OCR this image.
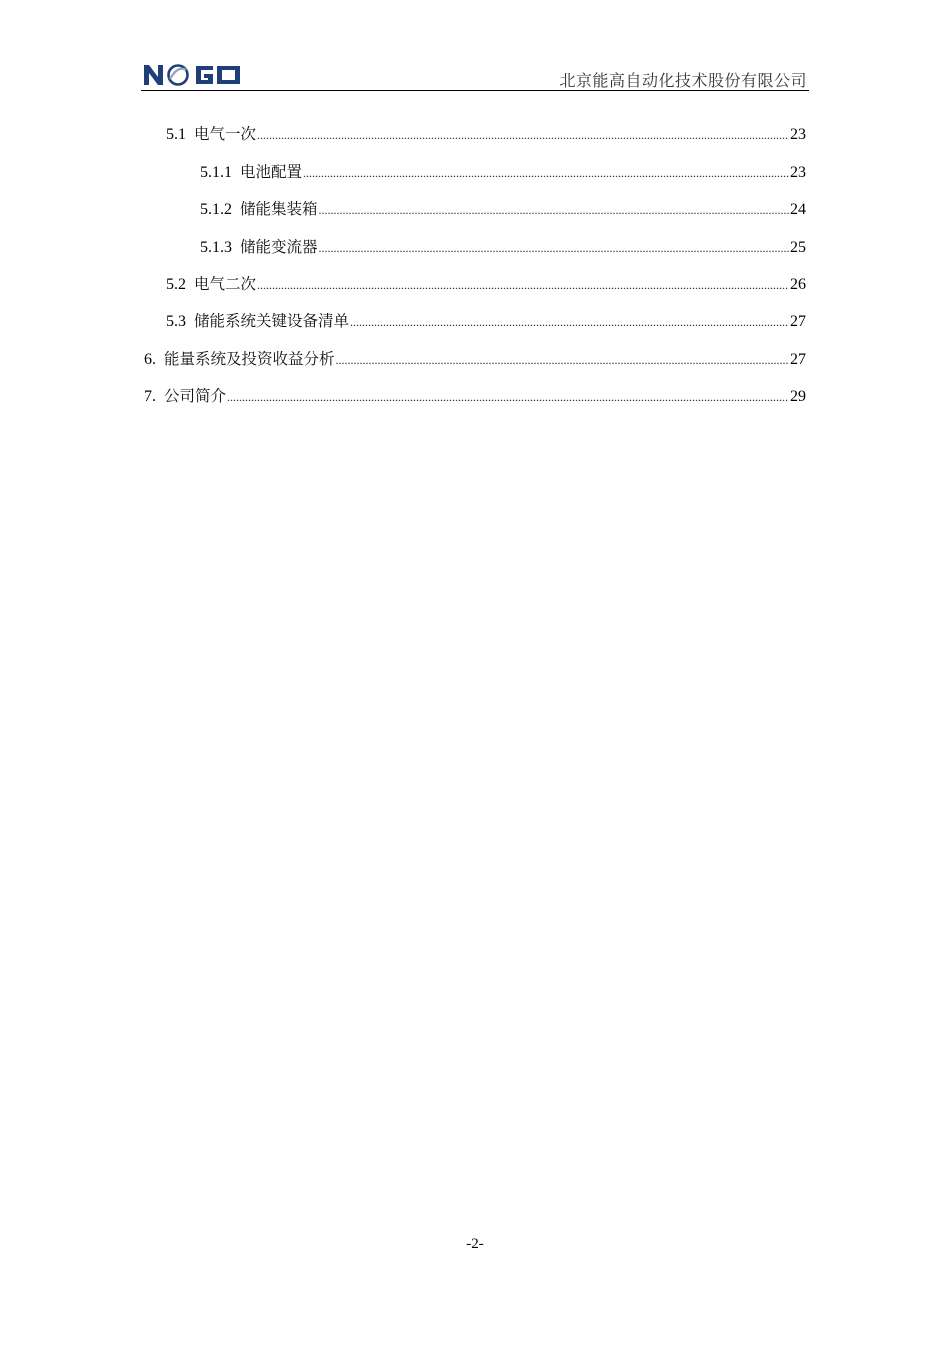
北京能高自动化技术股份有限公司
5.1 电气一次 .....	23
5.1.1 电池配置 .....	23
5.1.2 储能集装箱 .....	24
5.1.3 储能变流器 .....	25
5.2 电气二次 .....	26
5.3 储能系统关键设备清单 .....	27
6. 能量系统及投资收益分析 .....	27
7. 公司简介 .....	29
-2-
